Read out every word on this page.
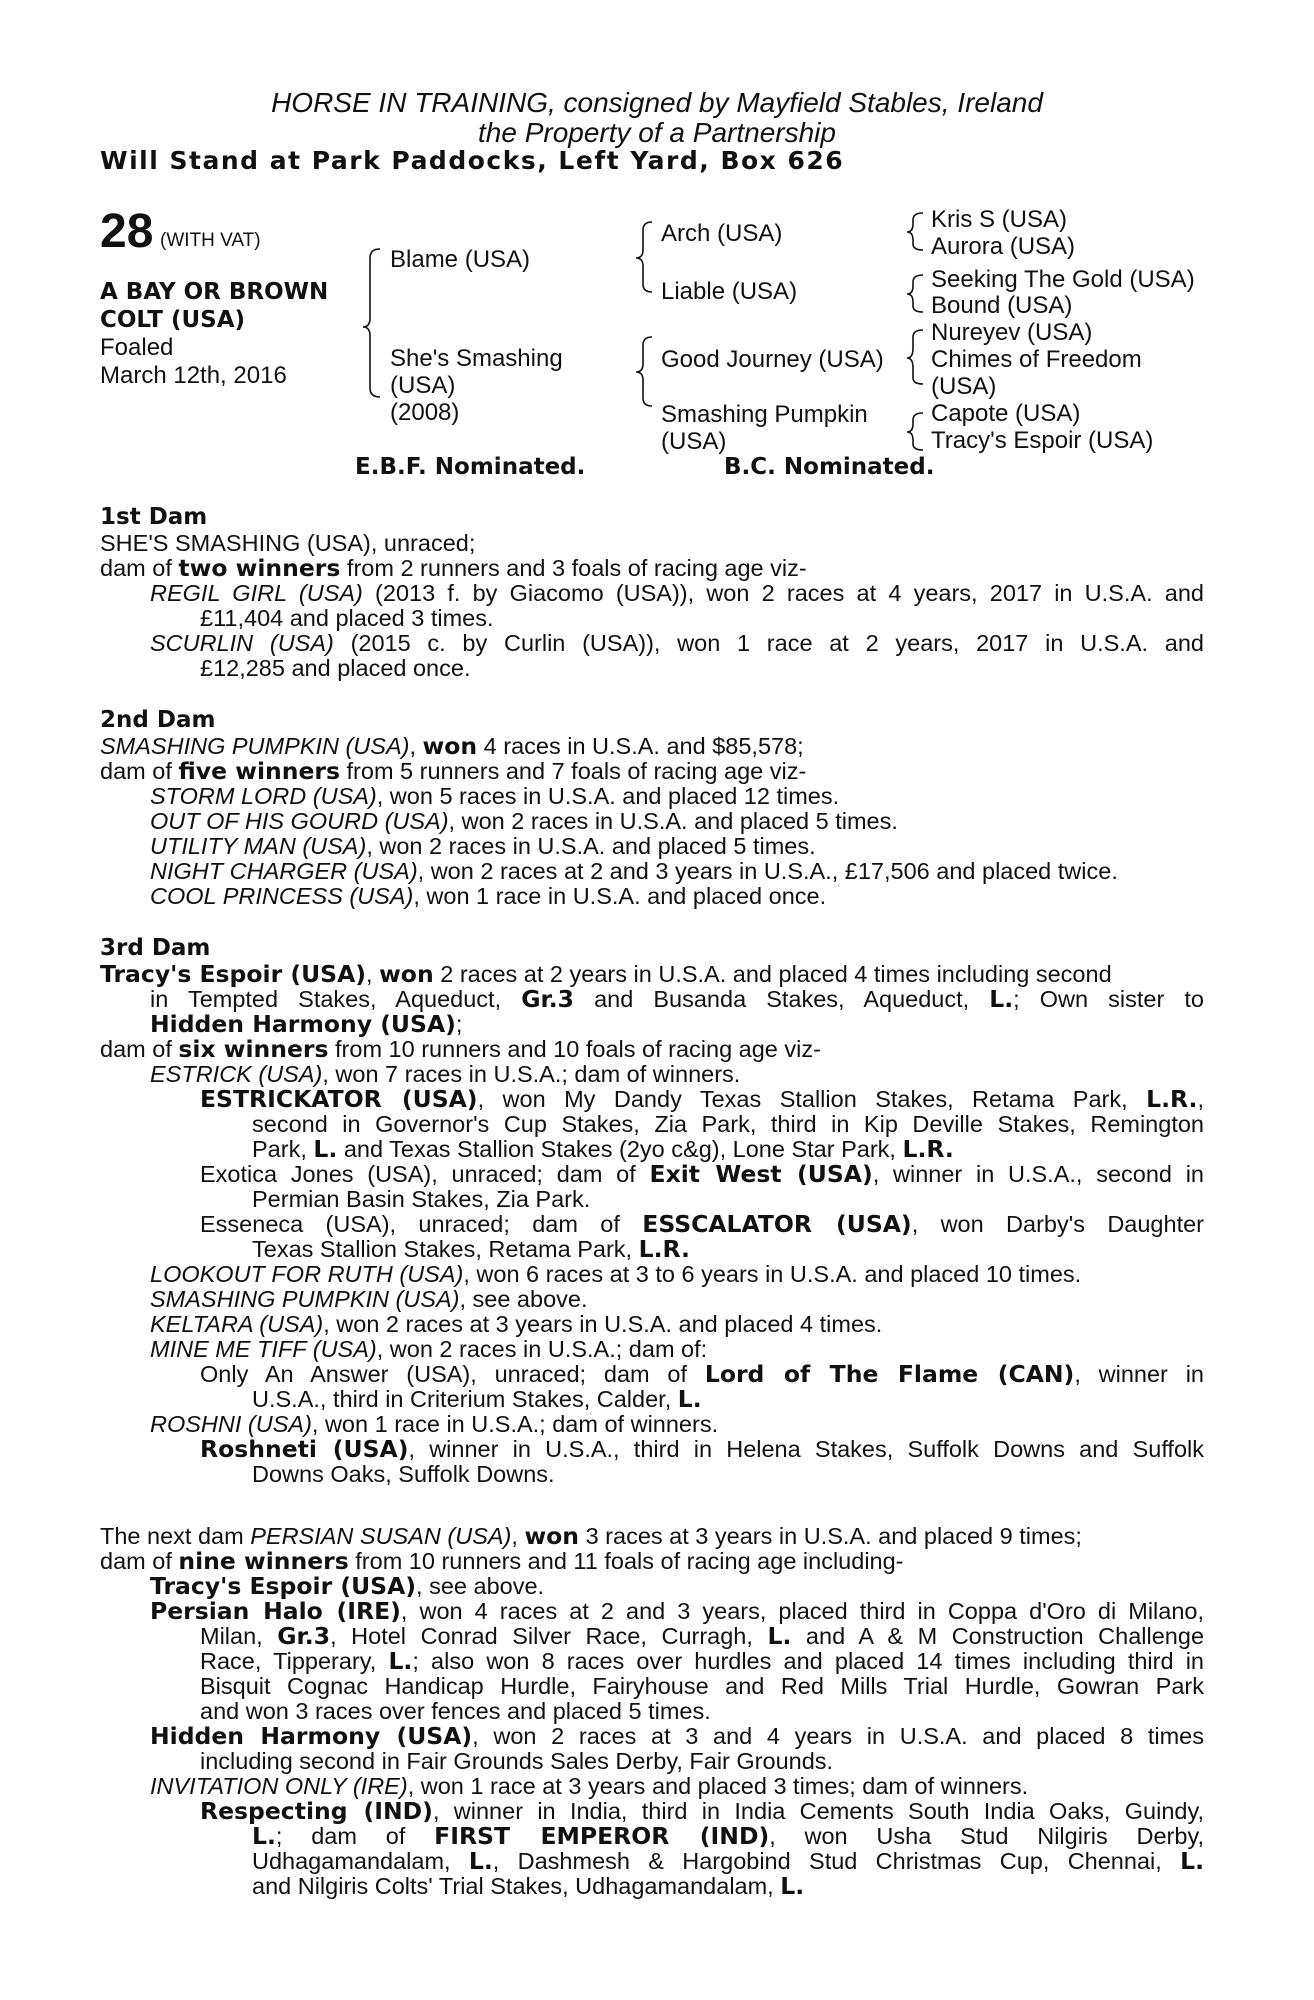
HORSE IN TRAINING, consigned by Mayfield Stables, Ireland
the Property of a Partnership
Will Stand at Park Paddocks, Left Yard, Box 626
28 (WITH VAT)
A BAY OR BROWN
COLT (USA)
Foaled
March 12th, 2016
Blame (USA)
She's Smashing
(USA)
(2008)
Arch (USA)
Liable (USA)
Good Journey (USA)
Smashing Pumpkin
(USA)
Kris S (USA)
Aurora (USA)
Seeking The Gold (USA)
Bound (USA)
Nureyev (USA)
Chimes of Freedom
(USA)
Capote (USA)
Tracy's Espoir (USA)
E.B.F. Nominated.	B.C. Nominated.
1st Dam
SHE'S SMASHING (USA), unraced;
dam of two winners from 2 runners and 3 foals of racing age viz-
REGIL GIRL (USA) (2013 f. by Giacomo (USA)), won 2 races at 4 years, 2017 in U.S.A. and
£11,404 and placed 3 times.
SCURLIN (USA) (2015 c. by Curlin (USA)), won 1 race at 2 years, 2017 in U.S.A. and
£12,285 and placed once.
2nd Dam
SMASHING PUMPKIN (USA), won 4 races in U.S.A. and $85,578;
dam of five winners from 5 runners and 7 foals of racing age viz-
STORM LORD (USA), won 5 races in U.S.A. and placed 12 times.
OUT OF HIS GOURD (USA), won 2 races in U.S.A. and placed 5 times.
UTILITY MAN (USA), won 2 races in U.S.A. and placed 5 times.
NIGHT CHARGER (USA), won 2 races at 2 and 3 years in U.S.A., £17,506 and placed twice.
COOL PRINCESS (USA), won 1 race in U.S.A. and placed once.
3rd Dam
Tracy's Espoir (USA), won 2 races at 2 years in U.S.A. and placed 4 times including second
in Tempted Stakes, Aqueduct, Gr.3 and Busanda Stakes, Aqueduct, L.; Own sister to
Hidden Harmony (USA);
dam of six winners from 10 runners and 10 foals of racing age viz-
ESTRICK (USA), won 7 races in U.S.A.; dam of winners.
ESTRICKATOR (USA), won My Dandy Texas Stallion Stakes, Retama Park, L.R.,
second in Governor's Cup Stakes, Zia Park, third in Kip Deville Stakes, Remington
Park, L. and Texas Stallion Stakes (2yo c&g), Lone Star Park, L.R.
Exotica Jones (USA), unraced; dam of Exit West (USA), winner in U.S.A., second in
Permian Basin Stakes, Zia Park.
Esseneca (USA), unraced; dam of ESSCALATOR (USA), won Darby's Daughter
Texas Stallion Stakes, Retama Park, L.R.
LOOKOUT FOR RUTH (USA), won 6 races at 3 to 6 years in U.S.A. and placed 10 times.
SMASHING PUMPKIN (USA), see above.
KELTARA (USA), won 2 races at 3 years in U.S.A. and placed 4 times.
MINE ME TIFF (USA), won 2 races in U.S.A.; dam of:
Only An Answer (USA), unraced; dam of Lord of The Flame (CAN), winner in
U.S.A., third in Criterium Stakes, Calder, L.
ROSHNI (USA), won 1 race in U.S.A.; dam of winners.
Roshneti (USA), winner in U.S.A., third in Helena Stakes, Suffolk Downs and Suffolk
Downs Oaks, Suffolk Downs.
The next dam PERSIAN SUSAN (USA), won 3 races at 3 years in U.S.A. and placed 9 times;
dam of nine winners from 10 runners and 11 foals of racing age including-
Tracy's Espoir (USA), see above.
Persian Halo (IRE), won 4 races at 2 and 3 years, placed third in Coppa d'Oro di Milano,
Milan, Gr.3, Hotel Conrad Silver Race, Curragh, L. and A & M Construction Challenge
Race, Tipperary, L.; also won 8 races over hurdles and placed 14 times including third in
Bisquit Cognac Handicap Hurdle, Fairyhouse and Red Mills Trial Hurdle, Gowran Park
and won 3 races over fences and placed 5 times.
Hidden Harmony (USA), won 2 races at 3 and 4 years in U.S.A. and placed 8 times
including second in Fair Grounds Sales Derby, Fair Grounds.
INVITATION ONLY (IRE), won 1 race at 3 years and placed 3 times; dam of winners.
Respecting (IND), winner in India, third in India Cements South India Oaks, Guindy,
L.; dam of FIRST EMPEROR (IND), won Usha Stud Nilgiris Derby,
Udhagamandalam, L., Dashmesh & Hargobind Stud Christmas Cup, Chennai, L.
and Nilgiris Colts' Trial Stakes, Udhagamandalam, L.
